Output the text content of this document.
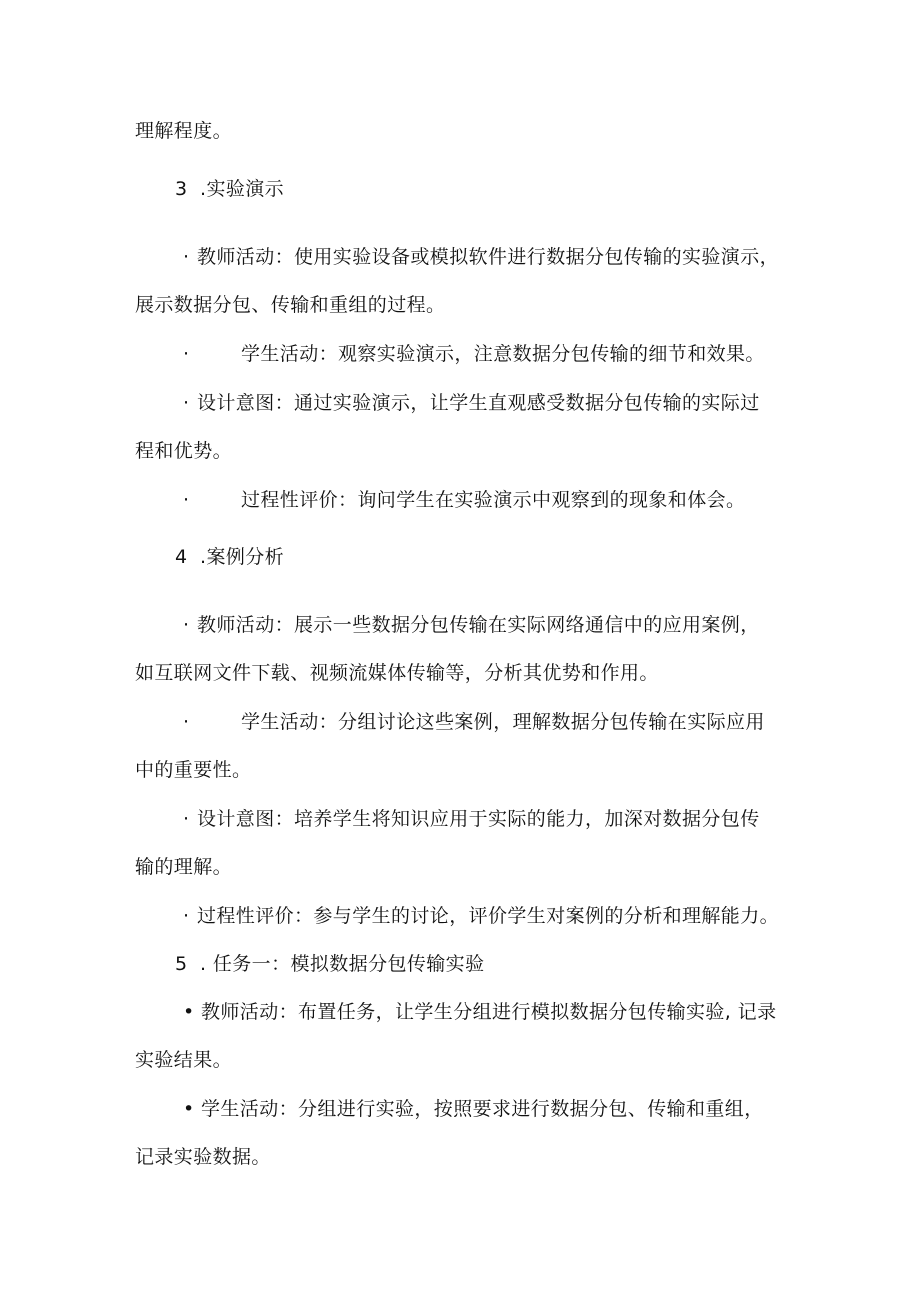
理解程度。
3 .实验演示
· 教师活动：使用实验设备或模拟软件进行数据分包传输的实验演示，
展示数据分包、传输和重组的过程。
·	学生活动：观察实验演示，注意数据分包传输的细节和效果。
· 设计意图：通过实验演示，让学生直观感受数据分包传输的实际过
程和优势。
·	过程性评价：询问学生在实验演示中观察到的现象和体会。
4 .案例分析
· 教师活动：展示一些数据分包传输在实际网络通信中的应用案例，
如互联网文件下载、视频流媒体传输等，分析其优势和作用。
·	学生活动：分组讨论这些案例，理解数据分包传输在实际应用
中的重要性。
· 设计意图：培养学生将知识应用于实际的能力，加深对数据分包传
输的理解。
· 过程性评价：参与学生的讨论，评价学生对案例的分析和理解能力。
5 . 任务一：模拟数据分包传输实验
• 教师活动：布置任务，让学生分组进行模拟数据分包传输实验, 记录
实验结果。
• 学生活动：分组进行实验，按照要求进行数据分包、传输和重组，
记录实验数据。
